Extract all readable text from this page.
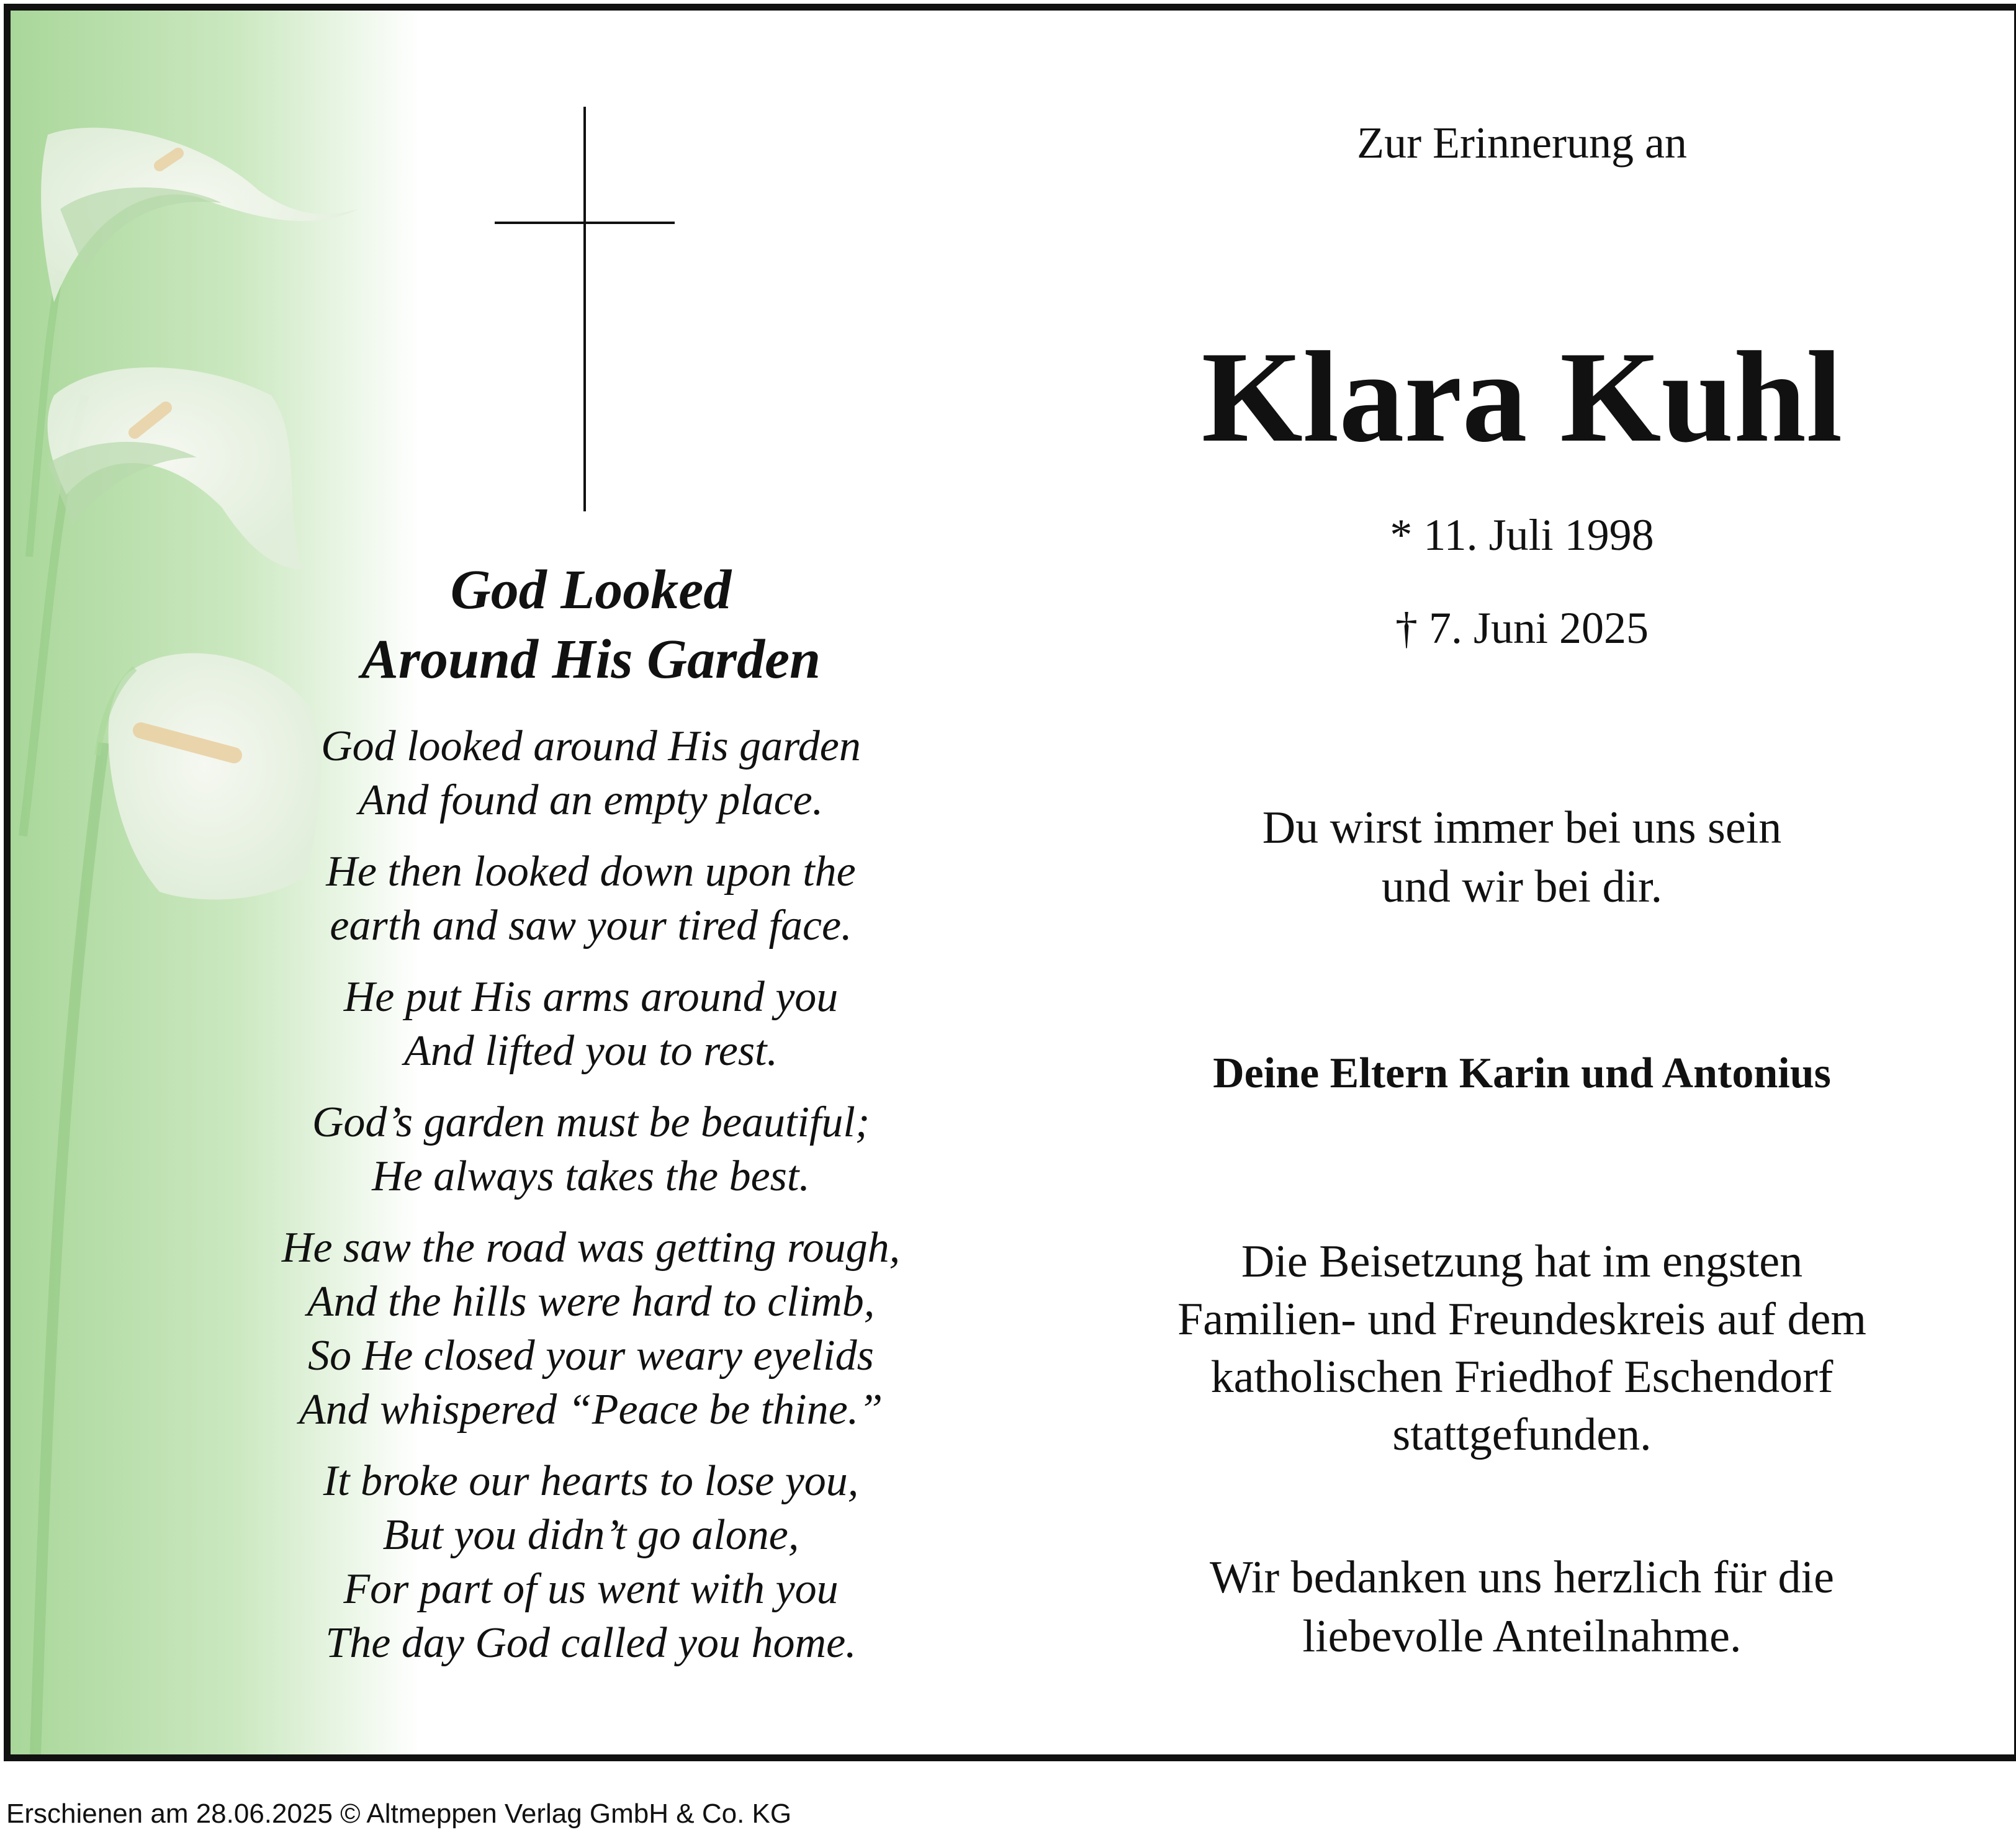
God Looked
Around His Garden
God looked around His garden
And found an empty place.
He then looked down upon the
earth and saw your tired face.
He put His arms around you
And lifted you to rest.
God’s garden must be beautiful;
He always takes the best.
He saw the road was getting rough,
And the hills were hard to climb,
So He closed your weary eyelids
And whispered “Peace be thine.”
It broke our hearts to lose you,
But you didn’t go alone,
For part of us went with you
The day God called you home.
Zur Erinnerung an
Klara Kuhl
* 11. Juli 1998
† 7. Juni 2025
Du wirst immer bei uns sein
und wir bei dir.
Deine Eltern Karin und Antonius
Die Beisetzung hat im engsten
Familien- und Freundeskreis auf dem
katholischen Friedhof Eschendorf
stattgefunden.
Wir bedanken uns herzlich für die
liebevolle Anteilnahme.
Erschienen am 28.06.2025 © Altmeppen Verlag GmbH & Co. KG
